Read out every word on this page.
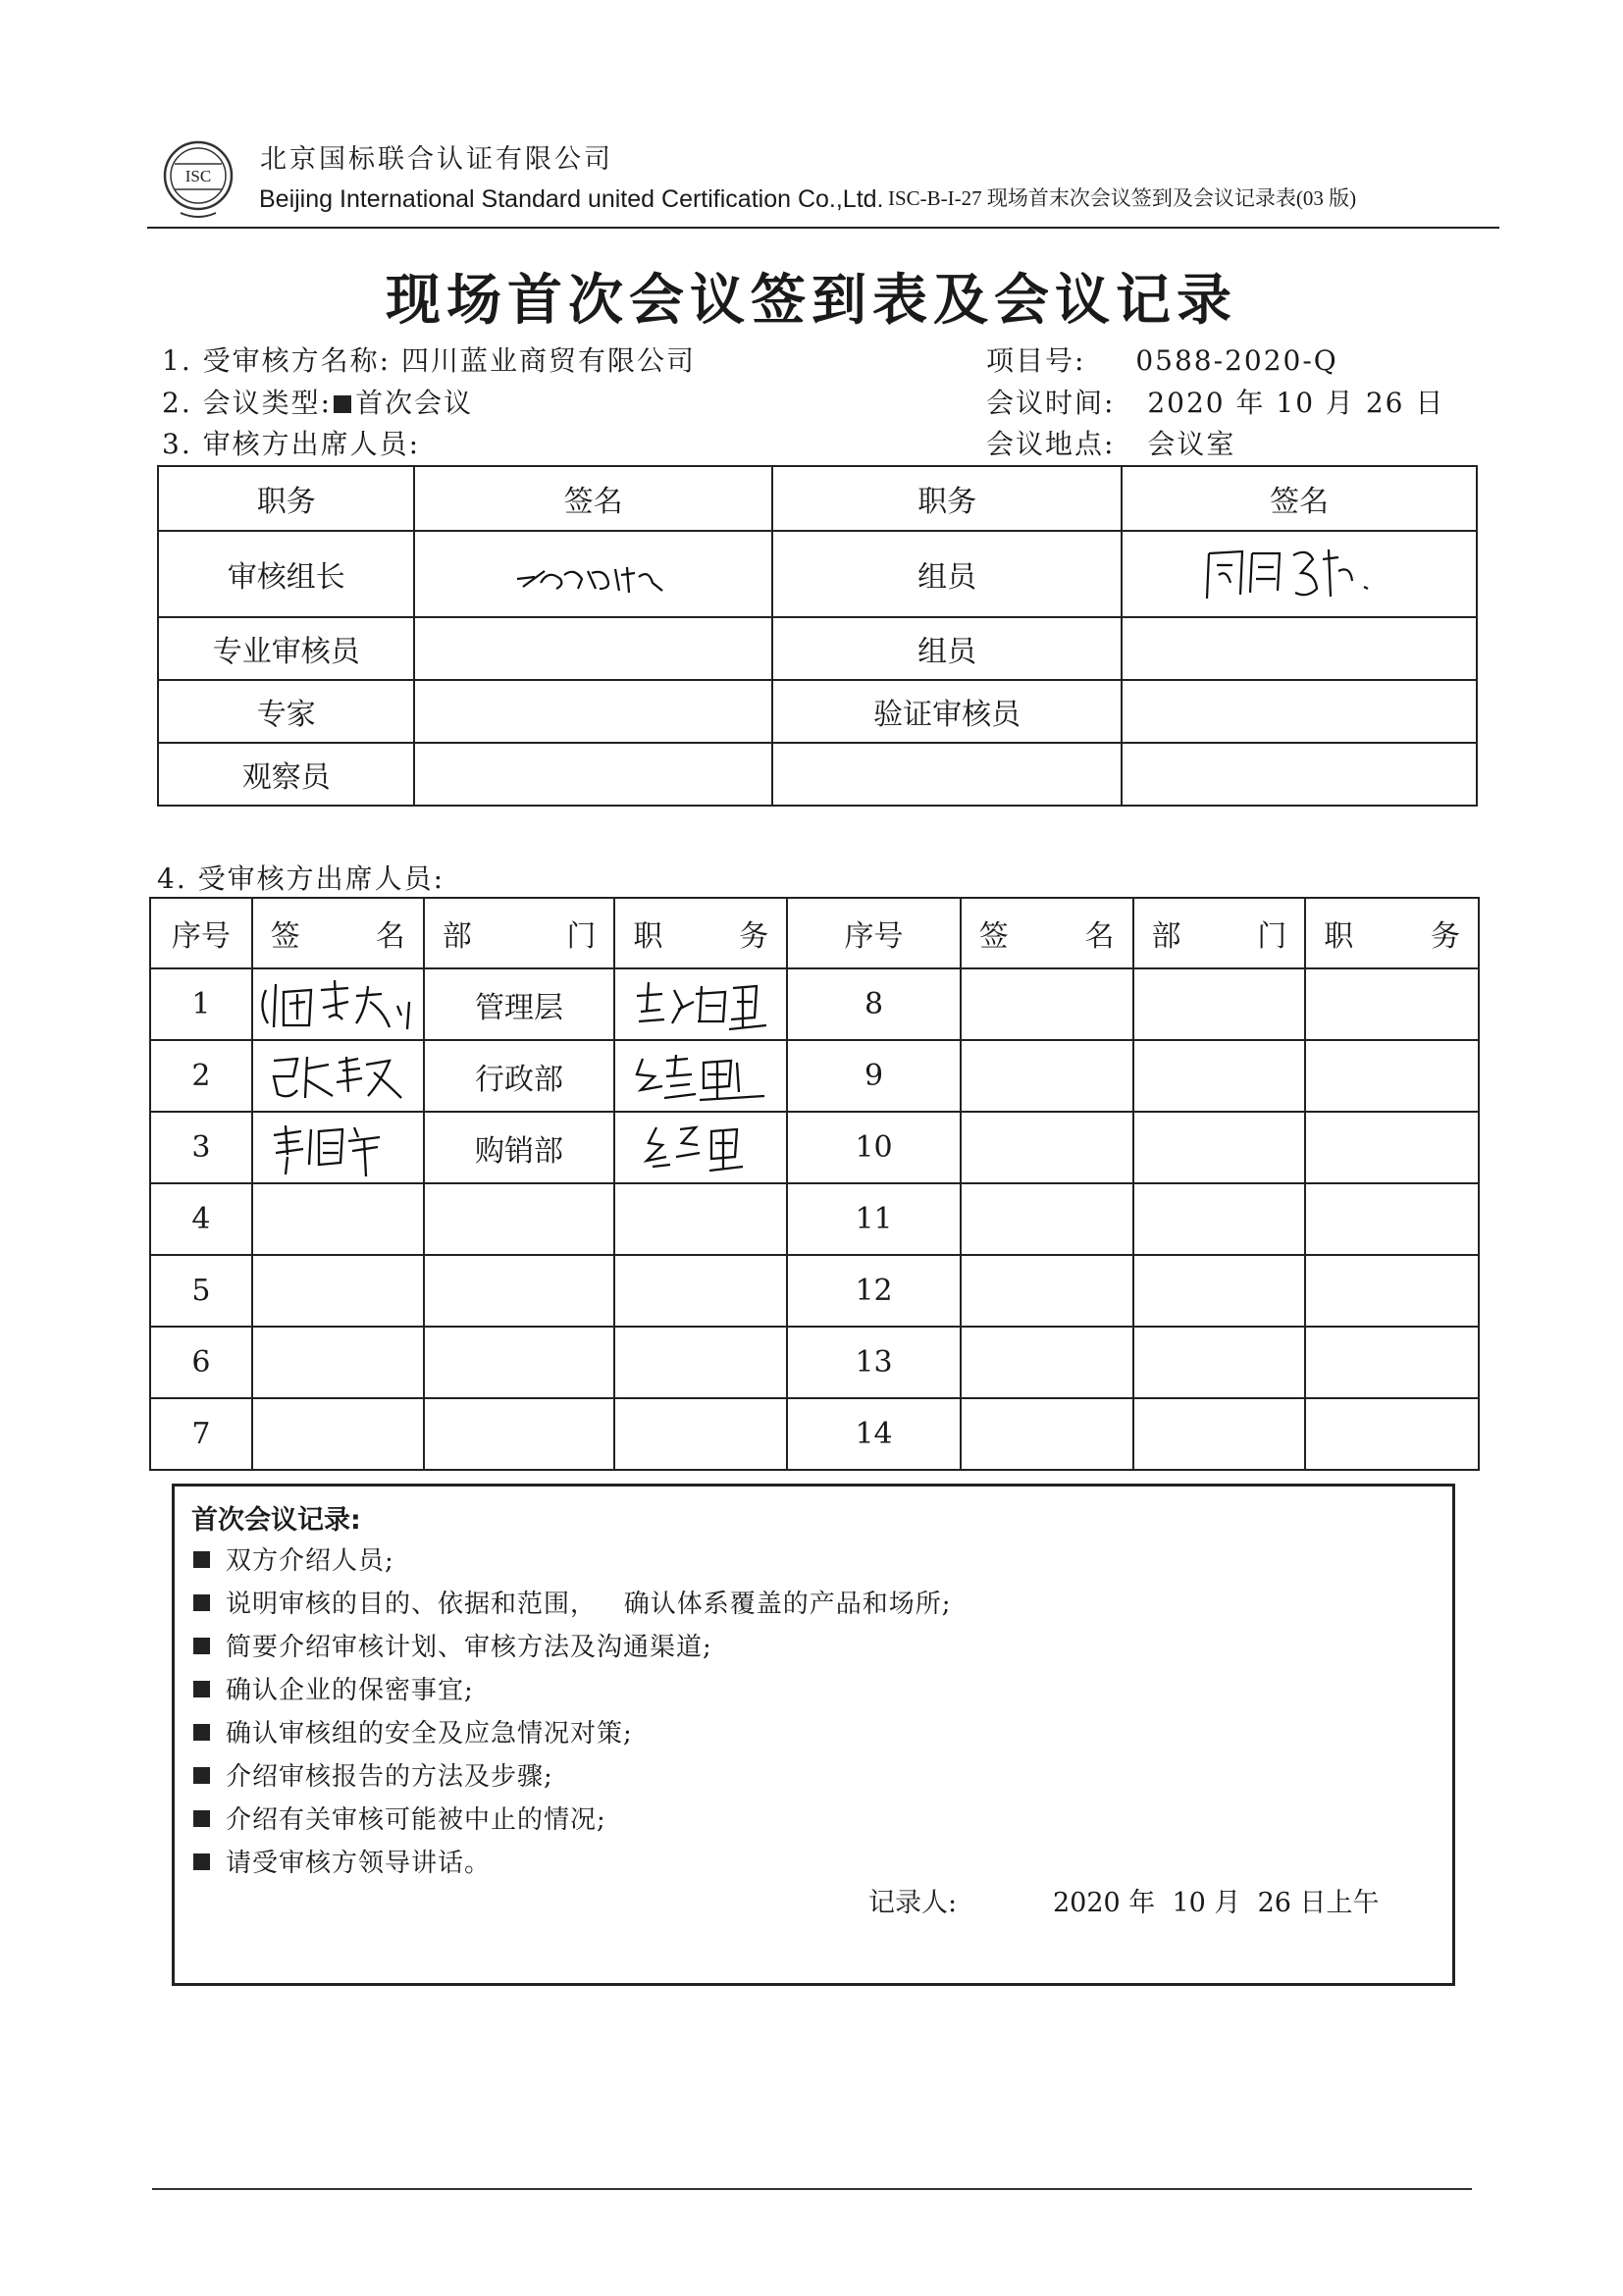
ISC
北京国标联合认证有限公司
Beijing International Standard united Certification Co.,Ltd. ISC-B-I-27 现场首末次会议签到及会议记录表(03 版)
现场首次会议签到表及会议记录
1. 受审核方名称: 四川蓝业商贸有限公司
2. 会议类型: 首次会议
3. 审核方出席人员:
项目号: 0588-2020-Q
会议时间: 2020 年 10 月 26 日
会议地点: 会议室
职务	签名	职务	签名
审核组长		组员	

专业审核员		组员	
专家		验证审核员	
观察员			
4. 受审核方出席人员:
序号	签 名	部 门	职 务	序号	签 名	部 门	职 务

1		管理层		8			
2		行政部		9			
3		购销部		10			
4				11			
5				12			
6				13			
7				14			
首次会议记录:
双方介绍人员;
说明审核的目的、依据和范围，   确认体系覆盖的产品和场所;
简要介绍审核计划、审核方法及沟通渠道;
确认企业的保密事宜;
确认审核组的安全及应急情况对策;
介绍审核报告的方法及步骤;
介绍有关审核可能被中止的情况;
请受审核方领导讲话。
记录人:	2020 年  10 月  26 日上午
